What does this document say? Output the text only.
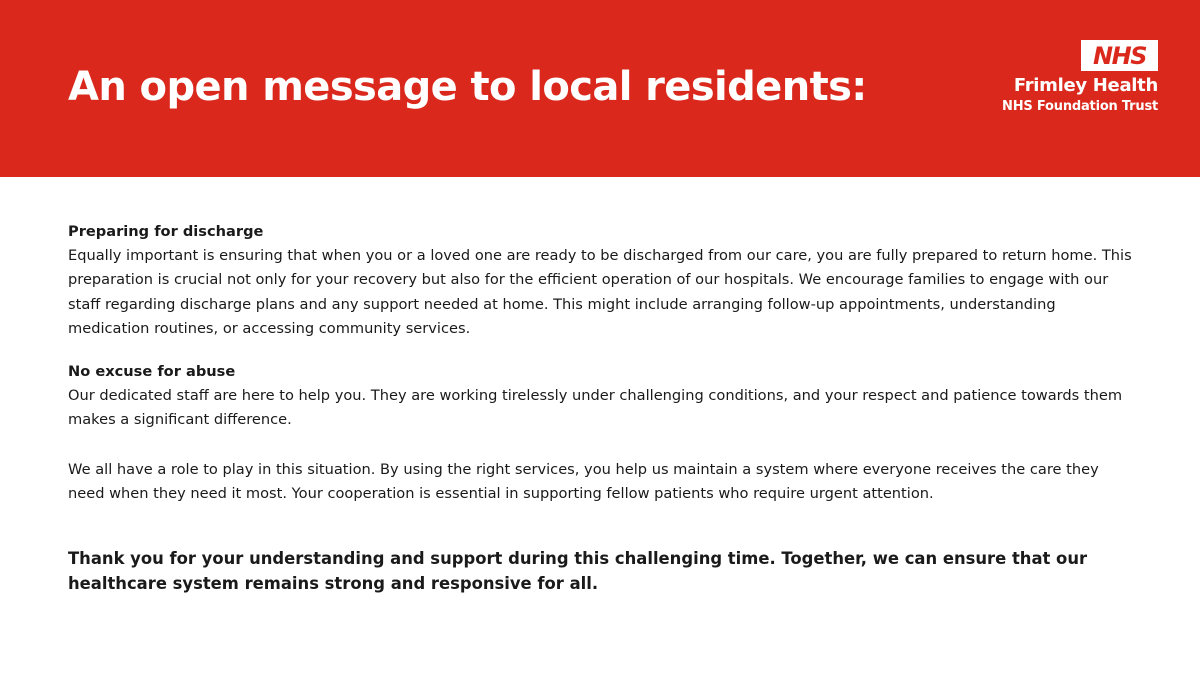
An open message to local residents:
NHS
Frimley Health
NHS Foundation Trust
Preparing for discharge
Equally important is ensuring that when you or a loved one are ready to be discharged from our care, you are fully prepared to return home. This preparation is crucial not only for your recovery but also for the efficient operation of our hospitals. We encourage families to engage with our staff regarding discharge plans and any support needed at home. This might include arranging follow-up appointments, understanding medication routines, or accessing community services.
No excuse for abuse
Our dedicated staff are here to help you. They are working tirelessly under challenging conditions, and your respect and patience towards them makes a significant difference.
We all have a role to play in this situation. By using the right services, you help us maintain a system where everyone receives the care they need when they need it most. Your cooperation is essential in supporting fellow patients who require urgent attention.
Thank you for your understanding and support during this challenging time. Together, we can ensure that our healthcare system remains strong and responsive for all.
